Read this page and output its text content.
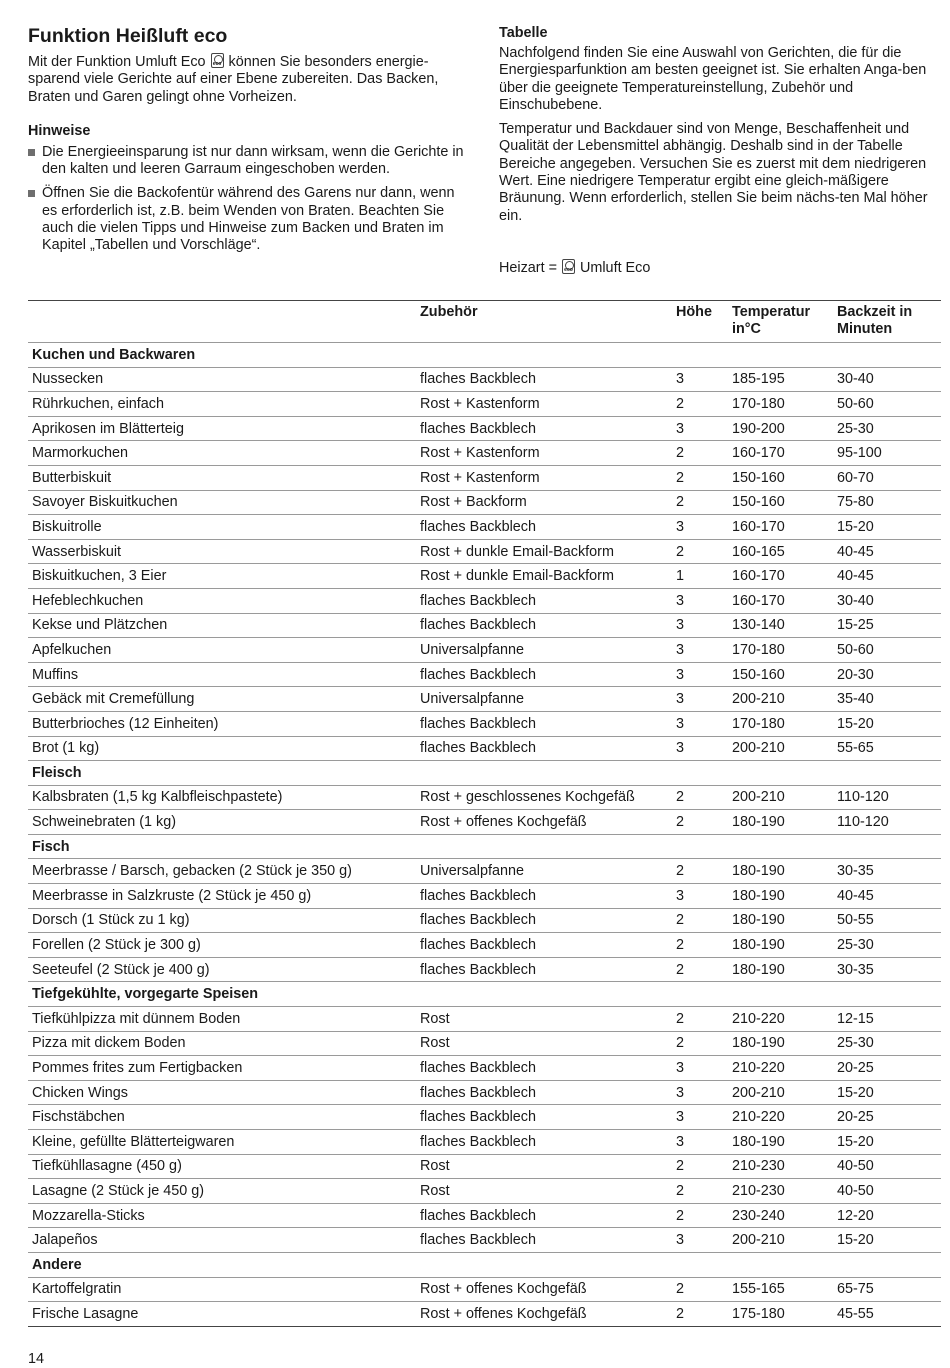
Funktion Heißluft eco

Mit der Funktion Umluft Eco eco können Sie besonders energie-sparend viele Gerichte auf einer Ebene zubereiten. Das Backen, Braten und Garen gelingt ohne Vorheizen.

Hinweise
Die Energieeinsparung ist nur dann wirksam, wenn die Gerichte in den kalten und leeren Garraum eingeschoben werden.
Öffnen Sie die Backofentür während des Garens nur dann, wenn es erforderlich ist, z.B. beim Wenden von Braten. Beachten Sie auch die vielen Tipps und Hinweise zum Backen und Braten im Kapitel „Tabellen und Vorschläge“.
Tabelle

Nachfolgend finden Sie eine Auswahl von Gerichten, die für die Energiesparfunktion am besten geeignet ist. Sie erhalten Anga-ben über die geeignete Temperatureinstellung, Zubehör und Einschubebene.

Temperatur und Backdauer sind von Menge, Beschaffenheit und Qualität der Lebensmittel abhängig. Deshalb sind in der Tabelle Bereiche angegeben. Versuchen Sie es zuerst mit dem niedrigeren Wert. Eine niedrigere Temperatur ergibt eine gleich-mäßigere Bräunung. Wenn erforderlich, stellen Sie beim nächs-ten Mal höher ein.

Heizart = eco Umluft Eco
	Zubehör	Höhe	Temperatur in°C	Backzeit in Minuten
Kuchen und Backwaren				
Nussecken	flaches Backblech	3	185-195	30-40
Rührkuchen, einfach	Rost + Kastenform	2	170-180	50-60
Aprikosen im Blätterteig	flaches Backblech	3	190-200	25-30
Marmorkuchen	Rost + Kastenform	2	160-170	95-100
Butterbiskuit	Rost + Kastenform	2	150-160	60-70
Savoyer Biskuitkuchen	Rost + Backform	2	150-160	75-80
Biskuitrolle	flaches Backblech	3	160-170	15-20
Wasserbiskuit	Rost + dunkle Email-Backform	2	160-165	40-45
Biskuitkuchen, 3 Eier	Rost + dunkle Email-Backform	1	160-170	40-45
Hefeblechkuchen	flaches Backblech	3	160-170	30-40
Kekse und Plätzchen	flaches Backblech	3	130-140	15-25
Apfelkuchen	Universalpfanne	3	170-180	50-60
Muffins	flaches Backblech	3	150-160	20-30
Gebäck mit Cremefüllung	Universalpfanne	3	200-210	35-40
Butterbrioches (12 Einheiten)	flaches Backblech	3	170-180	15-20
Brot (1 kg)	flaches Backblech	3	200-210	55-65
Fleisch				
Kalbsbraten (1,5 kg Kalbfleischpastete)	Rost + geschlossenes Kochgefäß	2	200-210	110-120
Schweinebraten (1 kg)	Rost + offenes Kochgefäß	2	180-190	110-120
Fisch				
Meerbrasse / Barsch, gebacken (2 Stück je 350 g)	Universalpfanne	2	180-190	30-35
Meerbrasse in Salzkruste (2 Stück je 450 g)	flaches Backblech	3	180-190	40-45
Dorsch (1 Stück zu 1 kg)	flaches Backblech	2	180-190	50-55
Forellen (2 Stück je 300 g)	flaches Backblech	2	180-190	25-30
Seeteufel (2 Stück je 400 g)	flaches Backblech	2	180-190	30-35
Tiefgekühlte, vorgegarte Speisen				
Tiefkühlpizza mit dünnem Boden	Rost	2	210-220	12-15
Pizza mit dickem Boden	Rost	2	180-190	25-30
Pommes frites zum Fertigbacken	flaches Backblech	3	210-220	20-25
Chicken Wings	flaches Backblech	3	200-210	15-20
Fischstäbchen	flaches Backblech	3	210-220	20-25
Kleine, gefüllte Blätterteigwaren	flaches Backblech	3	180-190	15-20
Tiefkühllasagne (450 g)	Rost	2	210-230	40-50
Lasagne (2 Stück je 450 g)	Rost	2	210-230	40-50
Mozzarella-Sticks	flaches Backblech	2	230-240	12-20
Jalapeños	flaches Backblech	3	200-210	15-20
Andere				
Kartoffelgratin	Rost + offenes Kochgefäß	2	155-165	65-75
Frische Lasagne	Rost + offenes Kochgefäß	2	175-180	45-55
14
